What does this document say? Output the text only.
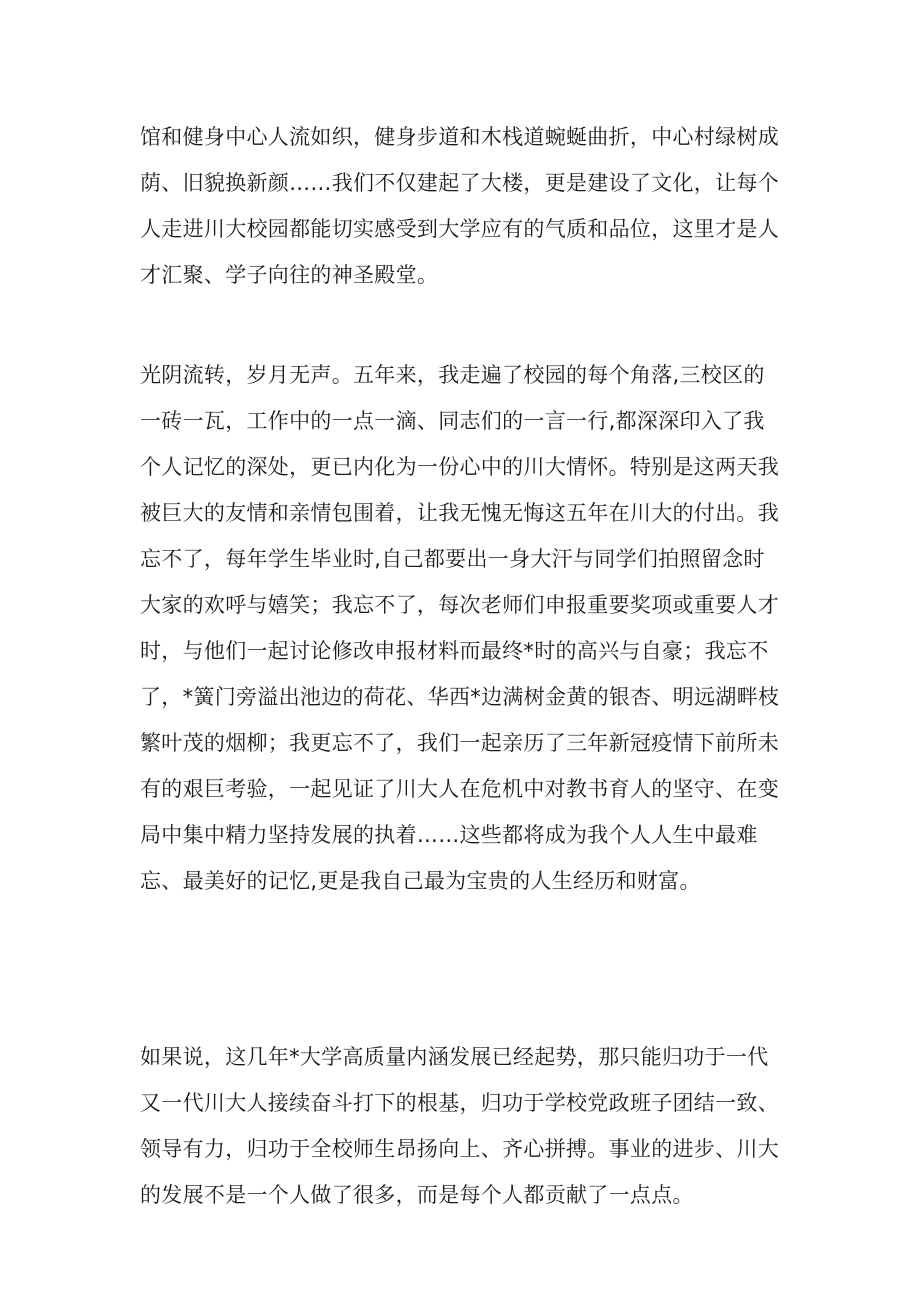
馆和健身中心人流如织，健身步道和木栈道蜿蜒曲折，中心村绿树成
荫、旧貌换新颜……我们不仅建起了大楼，更是建设了文化，让每个
人走进川大校园都能切实感受到大学应有的气质和品位，这里才是人
才汇聚、学子向往的神圣殿堂。
光阴流转，岁月无声。五年来，我走遍了校园的每个角落,三校区的
一砖一瓦，工作中的一点一滴、同志们的一言一行,都深深印入了我
个人记忆的深处，更已内化为一份心中的川大情怀。特别是这两天我
被巨大的友情和亲情包围着，让我无愧无悔这五年在川大的付出。我
忘不了，每年学生毕业时,自己都要出一身大汗与同学们拍照留念时
大家的欢呼与嬉笑；我忘不了，每次老师们申报重要奖项或重要人才
时，与他们一起讨论修改申报材料而最终*时的高兴与自豪；我忘不
了，*簧门旁溢出池边的荷花、华西*边满树金黄的银杏、明远湖畔枝
繁叶茂的烟柳；我更忘不了，我们一起亲历了三年新冠疫情下前所未
有的艰巨考验，一起见证了川大人在危机中对教书育人的坚守、在变
局中集中精力坚持发展的执着……这些都将成为我个人人生中最难
忘、最美好的记忆,更是我自己最为宝贵的人生经历和财富。
如果说，这几年*大学高质量内涵发展已经起势，那只能归功于一代
又一代川大人接续奋斗打下的根基，归功于学校党政班子团结一致、
领导有力，归功于全校师生昂扬向上、齐心拼搏。事业的进步、川大
的发展不是一个人做了很多，而是每个人都贡献了一点点。
